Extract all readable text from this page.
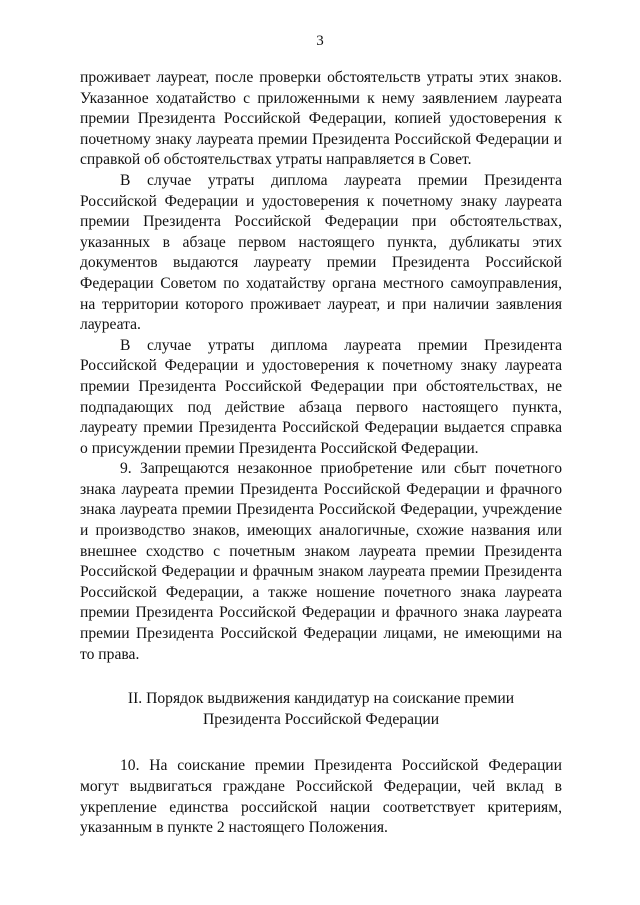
3

проживает лауреат, после проверки обстоятельств утраты этих знаков. Указанное ходатайство с приложенными к нему заявлением лауреата премии Президента Российской Федерации, копией удостоверения к почетному знаку лауреата премии Президента Российской Федерации и справкой об обстоятельствах утраты направляется в Совет.

В случае утраты диплома лауреата премии Президента Российской Федерации и удостоверения к почетному знаку лауреата премии Президента Российской Федерации при обстоятельствах, указанных в абзаце первом настоящего пункта, дубликаты этих документов выдаются лауреату премии Президента Российской Федерации Советом по ходатайству органа местного самоуправления, на территории которого проживает лауреат, и при наличии заявления лауреата.

В случае утраты диплома лауреата премии Президента Российской Федерации и удостоверения к почетному знаку лауреата премии Президента Российской Федерации при обстоятельствах, не подпадающих под действие абзаца первого настоящего пункта, лауреату премии Президента Российской Федерации выдается справка о присуждении премии Президента Российской Федерации.

9. Запрещаются незаконное приобретение или сбыт почетного знака лауреата премии Президента Российской Федерации и фрачного знака лауреата премии Президента Российской Федерации, учреждение и производство знаков, имеющих аналогичные, схожие названия или внешнее сходство с почетным знаком лауреата премии Президента Российской Федерации и фрачным знаком лауреата премии Президента Российской Федерации, а также ношение почетного знака лауреата премии Президента Российской Федерации и фрачного знака лауреата премии Президента Российской Федерации лицами, не имеющими на то права.

II. Порядок выдвижения кандидатур на соискание премии
Президента Российской Федерации

10. На соискание премии Президента Российской Федерации могут выдвигаться граждане Российской Федерации, чей вклад в укрепление единства российской нации соответствует критериям, указанным в пункте 2 настоящего Положения.
